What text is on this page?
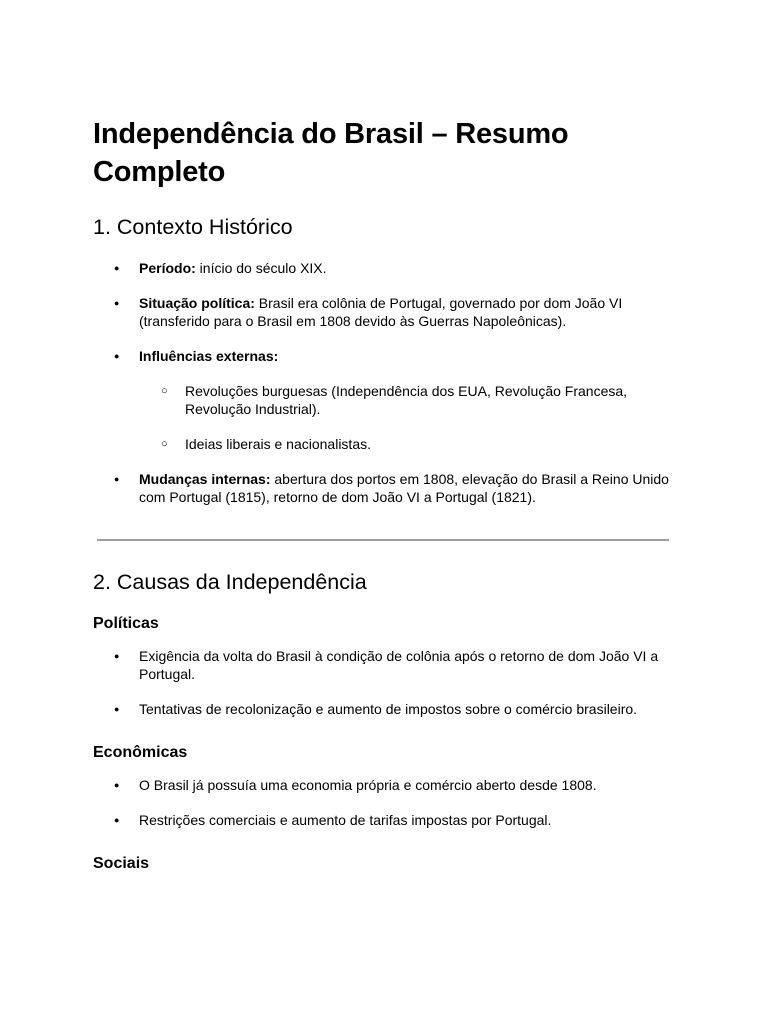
Independência do Brasil – Resumo Completo
1. Contexto Histórico
● Período: início do século XIX.
● Situação política: Brasil era colônia de Portugal, governado por dom João VI (transferido para o Brasil em 1808 devido às Guerras Napoleônicas).
● Influências externas:
○ Revoluções burguesas (Independência dos EUA, Revolução Francesa, Revolução Industrial).
○ Ideias liberais e nacionalistas.
● Mudanças internas: abertura dos portos em 1808, elevação do Brasil a Reino Unido com Portugal (1815), retorno de dom João VI a Portugal (1821).
2. Causas da Independência
Políticas
● Exigência da volta do Brasil à condição de colônia após o retorno de dom João VI a Portugal.
● Tentativas de recolonização e aumento de impostos sobre o comércio brasileiro.
Econômicas
● O Brasil já possuía uma economia própria e comércio aberto desde 1808.
● Restrições comerciais e aumento de tarifas impostas por Portugal.
Sociais
